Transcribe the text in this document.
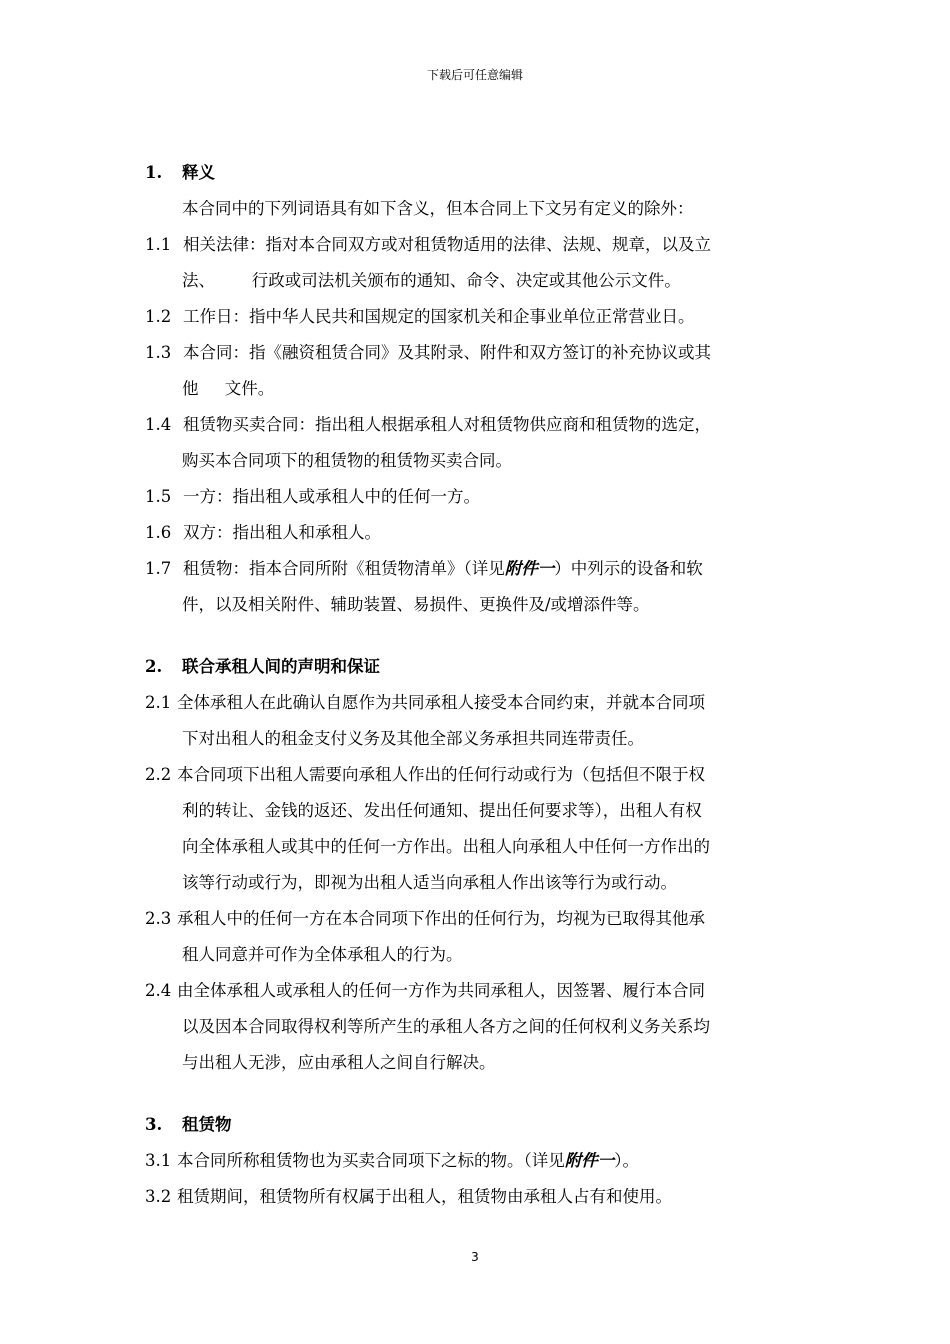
下载后可任意编辑
1.	释义
本合同中的下列词语具有如下含义，但本合同上下文另有定义的除外：
1.1 相关法律：指对本合同双方或对租赁物适用的法律、法规、规章，以及立
法、       行政或司法机关颁布的通知、命令、决定或其他公示文件。
1.2 工作日：指中华人民共和国规定的国家机关和企事业单位正常营业日。
1.3 本合同：指《融资租赁合同》及其附录、附件和双方签订的补充协议或其
他     文件。
1.4 租赁物买卖合同：指出租人根据承租人对租赁物供应商和租赁物的选定，
购买本合同项下的租赁物的租赁物买卖合同。
1.5 一方：指出租人或承租人中的任何一方。
1.6 双方：指出租人和承租人。
1.7 租赁物：指本合同所附《租赁物清单》（详见附件一）中列示的设备和软
件，以及相关附件、辅助装置、易损件、更换件及/或增添件等。
2.	联合承租人间的声明和保证
2.1 全体承租人在此确认自愿作为共同承租人接受本合同约束，并就本合同项
下对出租人的租金支付义务及其他全部义务承担共同连带责任。
2.2 本合同项下出租人需要向承租人作出的任何行动或行为（包括但不限于权
利的转让、金钱的返还、发出任何通知、提出任何要求等），出租人有权
向全体承租人或其中的任何一方作出。出租人向承租人中任何一方作出的
该等行动或行为，即视为出租人适当向承租人作出该等行为或行动。
2.3 承租人中的任何一方在本合同项下作出的任何行为，均视为已取得其他承
租人同意并可作为全体承租人的行为。
2.4 由全体承租人或承租人的任何一方作为共同承租人，因签署、履行本合同
以及因本合同取得权利等所产生的承租人各方之间的任何权利义务关系均
与出租人无涉，应由承租人之间自行解决。
3.	租赁物
3.1 本合同所称租赁物也为买卖合同项下之标的物。（详见附件一）。
3.2 租赁期间，租赁物所有权属于出租人，租赁物由承租人占有和使用。
3
